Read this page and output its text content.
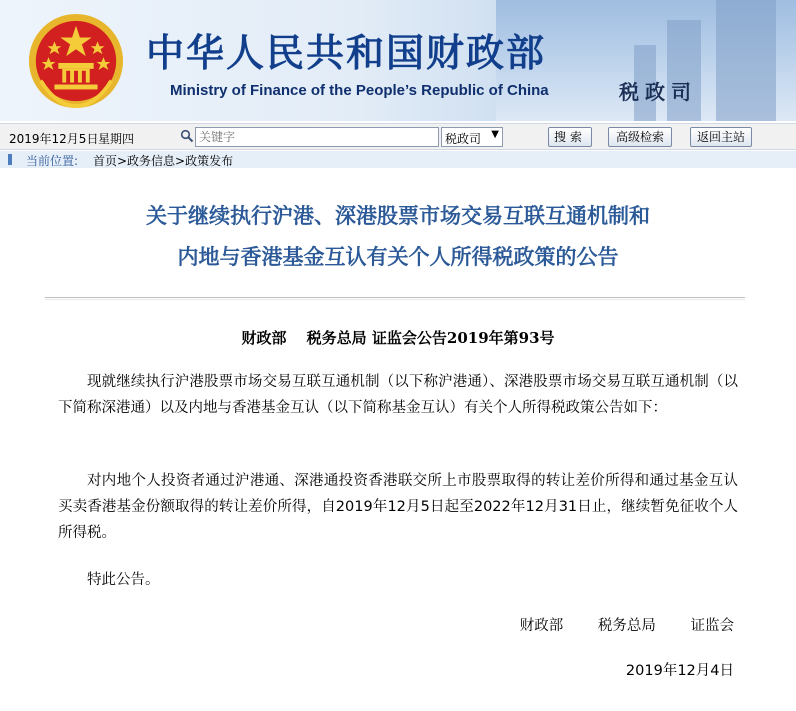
中华人民共和国财政部
Ministry of Finance of the People’s Republic of China	税政司
2019年12月5日 星期四
关键字	税政司 ▼	搜索	高级检索	返回主站
当前位置: 首页>政务信息>政策发布
关于继续执行沪港、深港股票市场交易互联互通机制和
内地与香港基金互认有关个人所得税政策的公告
财政部　 税务总局 证监会公告2019年第93号

现就继续执行沪港股票市场交易互联互通机制（以下称沪港通）、深港股票市场交易互联互通机制（以下简称深港通）以及内地与香港基金互认（以下简称基金互认）有关个人所得税政策公告如下：

对内地个人投资者通过沪港通、深港通投资香港联交所上市股票取得的转让差价所得和通过基金互认买卖香港基金份额取得的转让差价所得，自2019年12月5日起至2022年12月31日止，继续暂免征收个人所得税。

特此公告。

财政部 税务总局 证监会
2019年12月4日
